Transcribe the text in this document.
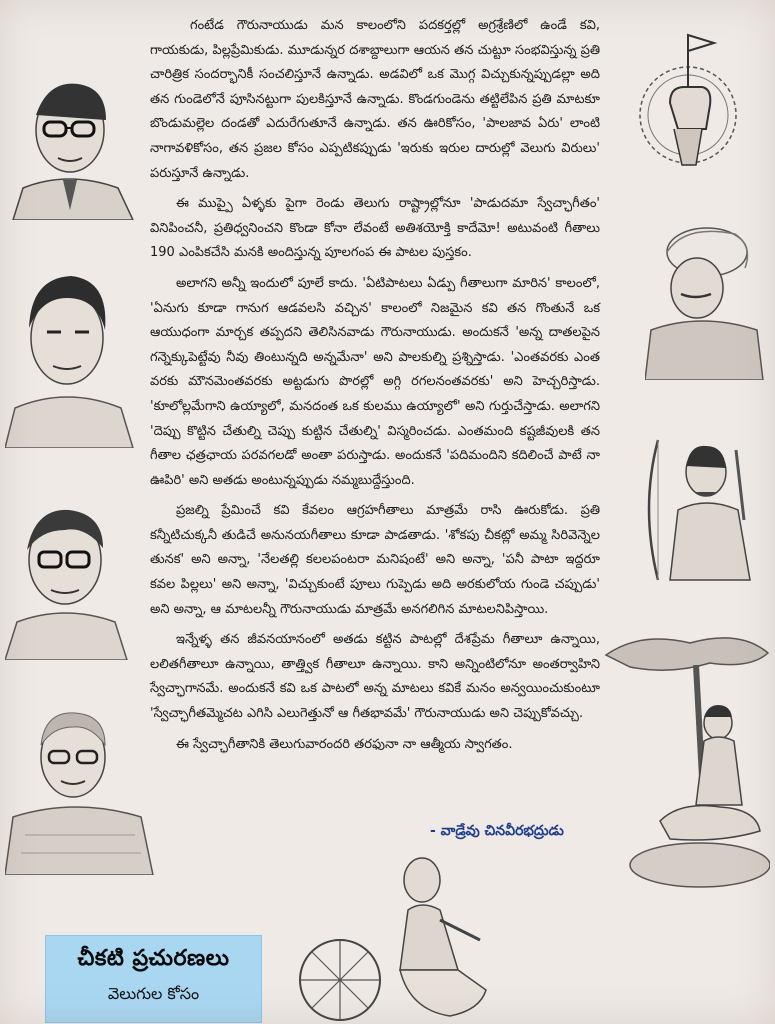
గంటేడ గౌరునాయుడు మన కాలంలోని పదకర్తల్లో అగ్రశ్రేణిలో ఉండే కవి, గాయకుడు, పిల్లప్రేమికుడు. మూడున్నర దశాబ్దాలుగా ఆయన తన చుట్టూ సంభవిస్తున్న ప్రతి చారిత్రిక సందర్భానికీ సంచలిస్తూనే ఉన్నాడు. అడవిలో ఒక మొగ్గ విచ్చుకున్నప్పుడల్లా అది తన గుండెలోనే పూసినట్టుగా పులకిస్తూనే ఉన్నాడు. కొండగుండెను తట్టిలేపిన ప్రతి మాటకూ బొండుమల్లెల దండతో ఎదురేగుతూనే ఉన్నాడు. తన ఊరికోసం, 'పాలజావ ఏరు' లాంటి నాగావళికోసం, తన ప్రజల కోసం ఎప్పటికప్పుడు 'ఇరుకు ఇరుల దారుల్లో వెలుగు విరులు' పరుస్తూనే ఉన్నాడు.

ఈ ముప్పై ఏళ్ళకు పైగా రెండు తెలుగు రాష్ట్రాల్లోనూ 'పాడుదమా స్వేచ్ఛాగీతం' వినిపించనీ, ప్రతిధ్వనించని కొండా కోనా లేవంటే అతిశయోక్తి కాదేమో! అటువంటి గీతాలు 190 ఎంపికచేసి మనకి అందిస్తున్న పూలగంప ఈ పాటల పుస్తకం.

అలాగని అన్నీ ఇందులో పూలే కాదు. 'ఏటిపాటలు ఏడ్పు గీతాలుగా మారిన' కాలంలో, 'ఏనుగు కూడా గానుగ ఆడవలసి వచ్చిన' కాలంలో నిజమైన కవి తన గొంతునే ఒక ఆయుధంగా మార్చక తప్పదని తెలిసినవాడు గౌరునాయుడు. అందుకనే 'అన్న దాతలపైన గన్నెక్కుపెట్టేవు నీవు తింటున్నది అన్నమేనా' అని పాలకుల్ని ప్రశ్నిస్తాడు. 'ఎంతవరకు ఎంత వరకు మౌనమెంతవరకు అట్టడుగు పొరల్లో అగ్గి రగలనంతవరకు' అని హెచ్చరిస్తాడు. 'కూలోల్లమేగాని ఉయ్యాలో, మనదంత ఒక కులము ఉయ్యాలో' అని గుర్తుచేస్తాడు. అలాగని 'దెప్పు కొట్టిన చేతుల్ని చెప్పు కుట్టిన చేతుల్ని' విస్మరించడు. ఎంతమంది కష్టజీవులకి తన గీతాల ఛత్రఛాయ పరవగలడో అంతా పరుస్తాడు. అందుకనే 'పదిమందిని కదిలించే పాటే నా ఊపిరి' అని అతడు అంటున్నప్పుడు నమ్మబుద్దేస్తుంది.

ప్రజల్ని ప్రేమించే కవి కేవలం ఆగ్రహగీతాలు మాత్రమే రాసి ఊరుకోడు. ప్రతి కన్నీటిచుక్కనీ తుడిచే అనునయగీతాలు కూడా పాడతాడు. 'శోకపు చీకట్లో అమ్మ సిరివెన్నెల తునక' అని అన్నా, 'నేలతల్లి కలలపంటరా మనిషంటే' అని అన్నా, 'పనీ పాటా ఇద్దరూ కవల పిల్లలు' అని అన్నా, 'విచ్చుకుంటే పూలు గుప్పెడు అది అరకులోయ గుండె చప్పుడు' అని అన్నా, ఆ మాటలన్నీ గౌరునాయుడు మాత్రమే అనగలిగిన మాటలనిపిస్తాయి.

ఇన్నేళ్ళ తన జీవనయానంలో అతడు కట్టిన పాటల్లో దేశప్రేమ గీతాలూ ఉన్నాయి, లలితగీతాలూ ఉన్నాయి, తాత్త్విక గీతాలూ ఉన్నాయి. కాని అన్నింటిలోనూ అంతర్వాహిని స్వేచ్ఛాగానమే. అందుకనే కవి ఒక పాటలో అన్న మాటలు కవికే మనం అన్వయించుకుంటూ 'స్వేచ్ఛాగీతమ్మెచట ఎగిసి ఎలుగెత్తునో ఆ గీతభావమే' గౌరునాయుడు అని చెప్పుకోవచ్చు.

ఈ స్వేచ్ఛాగీతానికి తెలుగువారందరి తరఫునా నా ఆత్మీయ స్వాగతం.

- వాడ్రేవు చినవీరభద్రుడు
చీకటి ప్రచురణలు
వెలుగుల కోసం
